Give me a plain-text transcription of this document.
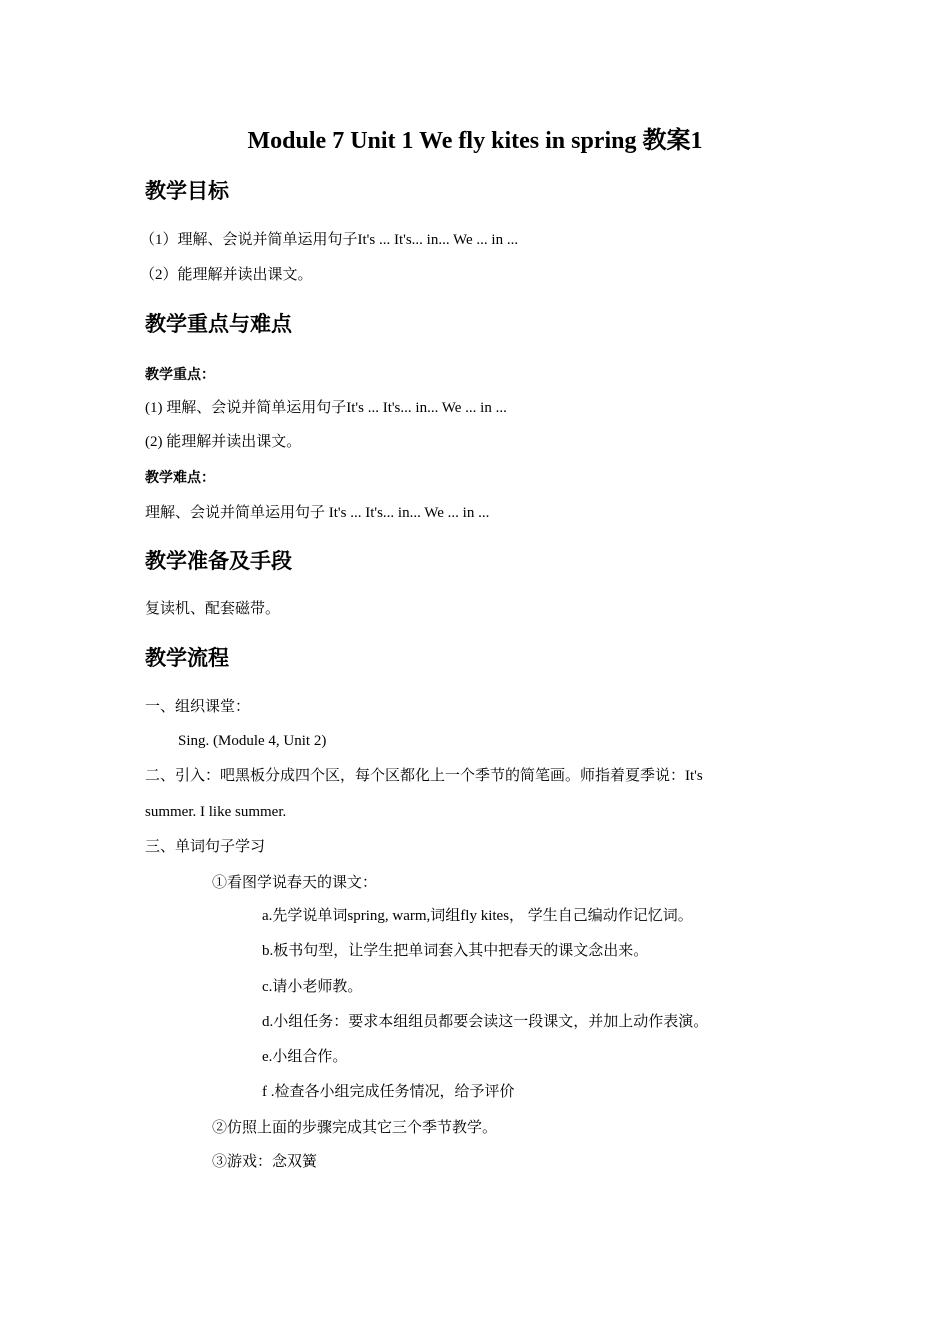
Module 7 Unit 1 We fly kites in spring 教案1
教学目标
（1）理解、会说并简单运用句子It's ... It's... in... We ... in ...
（2）能理解并读出课文。
教学重点与难点
教学重点：
(1) 理解、会说并简单运用句子It's ... It's... in... We ... in ...
(2) 能理解并读出课文。
教学难点：
理解、会说并简单运用句子 It's ... It's... in... We ... in ...
教学准备及手段
复读机、配套磁带。
教学流程
一、组织课堂：
Sing. (Module 4, Unit 2)
二、引入：吧黑板分成四个区，每个区都化上一个季节的简笔画。师指着夏季说：It's
summer. I like summer.
三、单词句子学习
①看图学说春天的课文：
a.先学说单词spring, warm,词组fly kites， 学生自己编动作记忆词。
b.板书句型，让学生把单词套入其中把春天的课文念出来。
c.请小老师教。
d.小组任务：要求本组组员都要会读这一段课文，并加上动作表演。
e.小组合作。
f .检查各小组完成任务情况，给予评价
②仿照上面的步骤完成其它三个季节教学。
③游戏：念双簧
